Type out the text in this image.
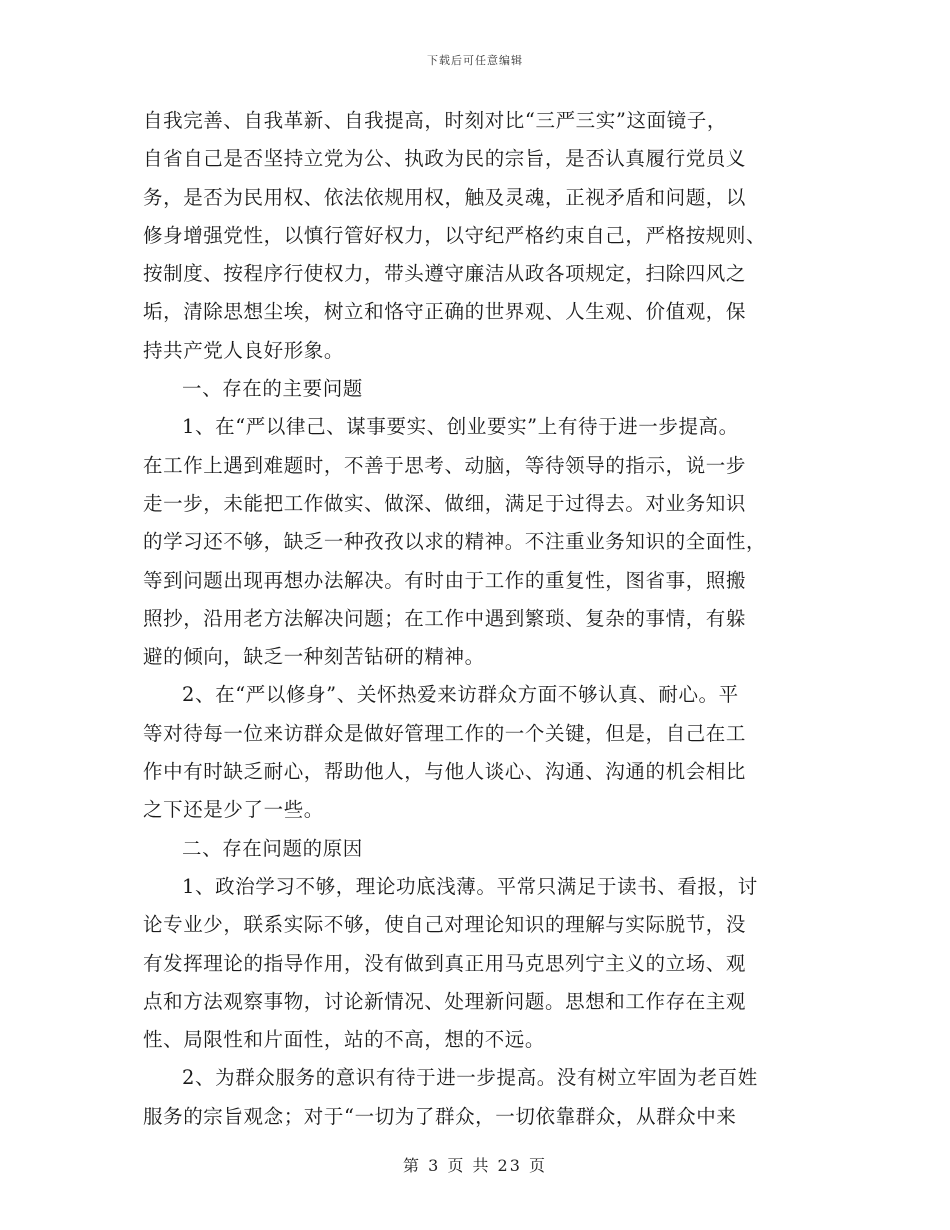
下载后可任意编辑
自我完善、自我革新、自我提高，时刻对比“三严三实”这面镜子，
自省自己是否坚持立党为公、执政为民的宗旨，是否认真履行党员义
务，是否为民用权、依法依规用权，触及灵魂，正视矛盾和问题，以
修身增强党性，以慎行管好权力，以守纪严格约束自己，严格按规则、
按制度、按程序行使权力，带头遵守廉洁从政各项规定，扫除四风之
垢，清除思想尘埃，树立和恪守正确的世界观、人生观、价值观，保
持共产党人良好形象。
一、存在的主要问题
1、在“严以律己、谋事要实、创业要实”上有待于进一步提高。
在工作上遇到难题时，不善于思考、动脑，等待领导的指示，说一步
走一步，未能把工作做实、做深、做细，满足于过得去。对业务知识
的学习还不够，缺乏一种孜孜以求的精神。不注重业务知识的全面性，
等到问题出现再想办法解决。有时由于工作的重复性，图省事，照搬
照抄，沿用老方法解决问题；在工作中遇到繁琐、复杂的事情，有躲
避的倾向，缺乏一种刻苦钻研的精神。
2、在“严以修身”、关怀热爱来访群众方面不够认真、耐心。平
等对待每一位来访群众是做好管理工作的一个关键，但是，自己在工
作中有时缺乏耐心，帮助他人，与他人谈心、沟通、沟通的机会相比
之下还是少了一些。
二、存在问题的原因
1、政治学习不够，理论功底浅薄。平常只满足于读书、看报，讨
论专业少，联系实际不够，使自己对理论知识的理解与实际脱节，没
有发挥理论的指导作用，没有做到真正用马克思列宁主义的立场、观
点和方法观察事物，讨论新情况、处理新问题。思想和工作存在主观
性、局限性和片面性，站的不高，想的不远。
2、为群众服务的意识有待于进一步提高。没有树立牢固为老百姓
服务的宗旨观念；对于“一切为了群众，一切依靠群众，从群众中来
第 3 页 共 23 页
